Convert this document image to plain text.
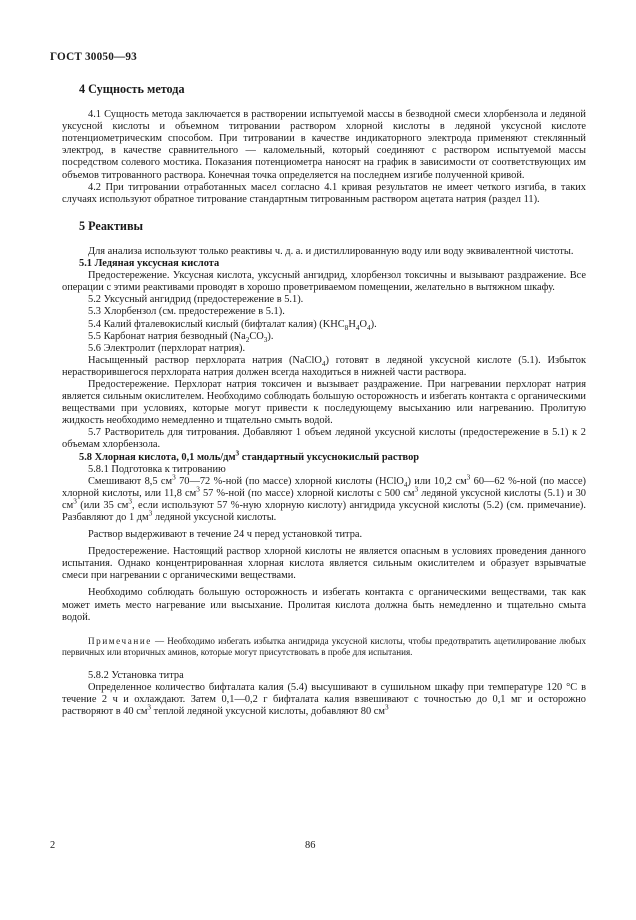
ГОСТ 30050—93

4 Сущность метода

4.1 Сущность метода заключается в растворении испытуемой массы в безводной смеси хлорбензола и ледяной уксусной кислоты и объемном титровании раствором хлорной кислоты в ледяной уксусной кислоте потенциометрическим способом. При титровании в качестве индикаторного электрода применяют стеклянный электрод, в качестве сравнительного — каломельный, который соединяют с раствором испытуемой массы посредством солевого мостика. Показания потенциометра наносят на график в зависимости от соответствующих им объемов титрованного раствора. Конечная точка определяется на последнем изгибе полученной кривой.

4.2 При титровании отработанных масел согласно 4.1 кривая результатов не имеет четкого изгиба, в таких случаях используют обратное титрование стандартным титрованным раствором ацетата натрия (раздел 11).

5 Реактивы

Для анализа используют только реактивы ч. д. а. и дистиллированную воду или воду эквивалентной чистоты.

5.1 Ледяная уксусная кислота

Предостережение. Уксусная кислота, уксусный ангидрид, хлорбензол токсичны и вызывают раздражение. Все операции с этими реактивами проводят в хорошо проветриваемом помещении, желательно в вытяжном шкафу.

5.2 Уксусный ангидрид (предостережение в 5.1).

5.3 Хлорбензол (см. предостережение в 5.1).

5.4 Калий фталевокислый кислый (бифталат калия) $(KHC_8H_4O_4)$.

5.5 Карбонат натрия безводный $(Na_2CO_3)$.

5.6 Электролит (перхлорат натрия).

Насыщенный раствор перхлората натрия (NaClO$_4$) готовят в ледяной уксусной кислоте (5.1). Избыток нерастворившегося перхлората натрия должен всегда находиться в нижней части раствора.

Предостережение. Перхлорат натрия токсичен и вызывает раздражение. При нагревании перхлорат натрия является сильным окислителем. Необходимо соблюдать большую осторожность и избегать контакта с органическими веществами при условиях, которые могут привести к последующему высыханию или нагреванию. Пролитую жидкость необходимо немедленно и тщательно смыть водой.

5.7 Растворитель для титрования. Добавляют 1 объем ледяной уксусной кислоты (предостережение в 5.1) к 2 объемам хлорбензола.

5.8 Хлорная кислота, 0,1 моль/$дм^3$ стандартный уксуснокислый раствор

5.8.1 Подготовка к титрованию

Смешивают 8,5 $см^3$ 70—72 %-ной (по массе) хлорной кислоты (HClO$_4$) или 10,2 $см^3$ 60—62 %-ной (по массе) хлорной кислоты, или 11,8 $см^3$ 57 %-ной (по массе) хлорной кислоты с 500 $см^3$ ледяной уксусной кислоты (5.1) и 30 $см^3$ (или 35 $см^3$, если используют 57 %-ную хлорную кислоту) ангидрида уксусной кислоты (5.2) (см. примечание). Разбавляют до 1 $дм^3$ ледяной уксусной кислоты.

Раствор выдерживают в течение 24 ч перед установкой титра.

Предостережение. Настоящий раствор хлорной кислоты не является опасным в условиях проведения данного испытания. Однако концентрированная хлорная кислота является сильным окислителем и образует взрывчатые смеси при нагревании с органическими веществами.

Необходимо соблюдать большую осторожность и избегать контакта с органическими веществами, так как может иметь место нагревание или высыхание. Пролитая кислота должна быть немедленно и тщательно смыта водой.

Примечание — Необходимо избегать избытка ангидрида уксусной кислоты, чтобы предотвратить ацетилирование любых первичных или вторичных аминов, которые могут присутствовать в пробе для испытания.

5.8.2 Установка титра

Определенное количество бифталата калия (5.4) высушивают в сушильном шкафу при температуре 120 °С в течение 2 ч и охлаждают. Затем 0,1—0,2 г бифталата калия взвешивают с точностью до 0,1 мг и осторожно растворяют в 40 $см^3$ теплой ледяной уксусной кислоты, добавляют 80 $см^3$

2	86
